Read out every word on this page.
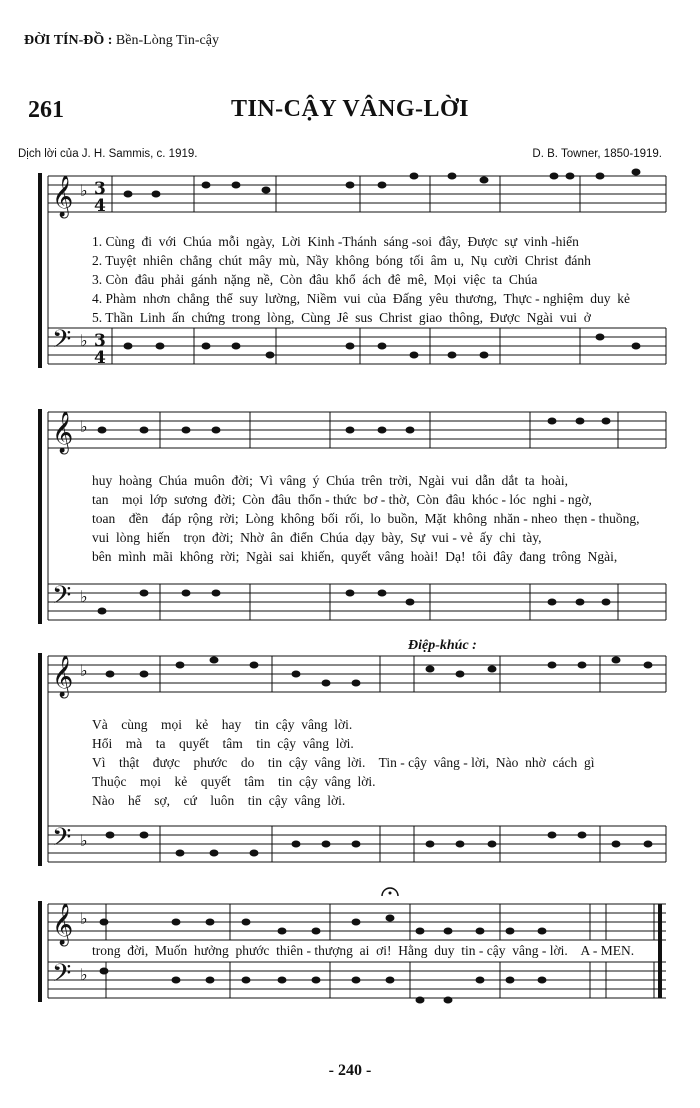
ĐỜI TÍN-ĐỒ : Bền-Lòng Tin-cậy
261	TIN-CẬY VÂNG-LỜI
Dịch lời của J. H. Sammis, c. 1919.	D. B. Towner, 1850-1919.
Điệp-khúc :
𝄞
𝄢
𝄞
𝄢
𝄞
𝄢
𝄞
𝄢
♭
♭
♭
♭
♭
♭
♭
♭
3
4
3
4
1. Cùng  đi  với  Chúa  mỗi  ngày,  Lời  Kinh -Thánh  sáng -soi  đây,  Được  sự  vinh -hiển
2. Tuyệt  nhiên  chẳng  chút  mây  mù,  Nầy  không  bóng  tối  âm  u,  Nụ  cười  Christ  đánh
3. Còn  đâu  phải  gánh  nặng  nề,  Còn  đâu  khổ  ách  đê  mê,  Mọi  việc  ta  Chúa
4. Phàm  nhơn  chẳng  thể  suy  lường,  Niềm  vui  của  Đấng  yêu  thương,  Thực - nghiệm  duy  kẻ
5. Thần  Linh  ấn  chứng  trong  lòng,  Cùng  Jê  sus  Christ  giao  thông,  Được  Ngài  vui  ở
huy  hoàng  Chúa  muôn  đời;  Vì  vâng  ý  Chúa  trên  trời,  Ngài  vui  dẫn  dắt  ta  hoài,
tan    mọi  lớp  sương  đời;  Còn  đâu  thổn - thức  bơ - thờ,  Còn  đâu  khóc - lóc  nghi - ngờ,
toan    đền    đáp  rộng  rời;  Lòng  không  bối  rối,  lo  buồn,  Mặt  không  nhăn - nheo  thẹn - thuồng,
vui  lòng  hiến    trọn  đời;  Nhờ  ân  điển  Chúa  dạy  bày,  Sự  vui - vẻ  ấy  chi  tày,
bên  mình  mãi  không  rời;  Ngài  sai  khiến,  quyết  vâng  hoài!  Dạ!  tôi  đây  đang  trông  Ngài,
Và    cùng    mọi    kẻ    hay    tin  cậy  vâng  lời.
Hổi    mà    ta    quyết    tâm    tin  cậy  vâng  lời.
Vì    thật    được    phước    do    tin  cậy  vâng  lời.    Tin - cậy  vâng - lời,  Nào  nhờ  cách  gì
Thuộc    mọi    kẻ    quyết    tâm    tin  cậy  vâng  lời.
Nào    hể    sợ,    cứ    luôn    tin  cậy  vâng  lời.
trong  đời,  Muốn  hưởng  phước  thiên - thượng  ai  ơi!  Hằng  duy  tin - cậy  vâng - lời.    A - MEN.
- 240 -
